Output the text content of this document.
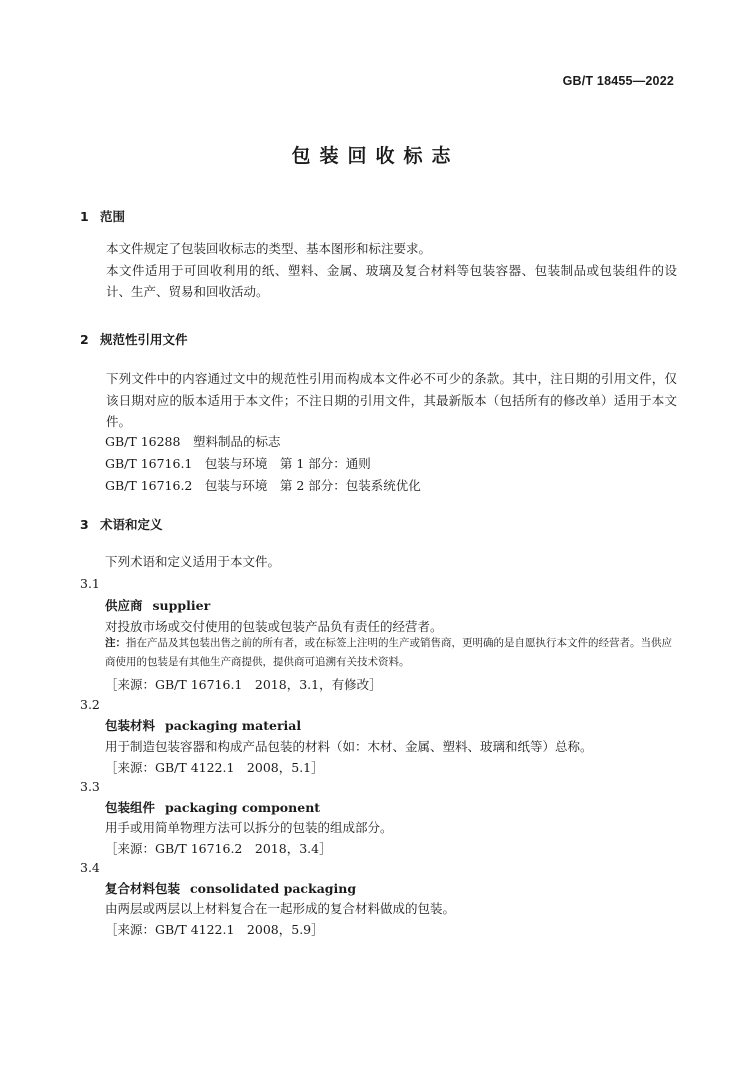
GB/T 18455—2022
包装回收标志
1 范围
本文件规定了包装回收标志的类型、基本图形和标注要求。
本文件适用于可回收利用的纸、塑料、金属、玻璃及复合材料等包装容器、包装制品或包装组件的设计、生产、贸易和回收活动。
2 规范性引用文件
下列文件中的内容通过文中的规范性引用而构成本文件必不可少的条款。其中，注日期的引用文件，仅该日期对应的版本适用于本文件；不注日期的引用文件，其最新版本（包括所有的修改单）适用于本文件。
GB/T 16288　塑料制品的标志
GB/T 16716.1　包装与环境　第 1 部分：通则
GB/T 16716.2　包装与环境　第 2 部分：包装系统优化
3 术语和定义
下列术语和定义适用于本文件。
3.1
供应商 supplier
对投放市场或交付使用的包装或包装产品负有责任的经营者。
注：指在产品及其包装出售之前的所有者，或在标签上注明的生产或销售商，更明确的是自愿执行本文件的经营者。当供应商使用的包装是有其他生产商提供，提供商可追溯有关技术资料。
［来源：GB/T 16716.1　2018，3.1，有修改］
3.2
包装材料 packaging material
用于制造包装容器和构成产品包装的材料（如：木材、金属、塑料、玻璃和纸等）总称。
［来源：GB/T 4122.1　2008，5.1］
3.3
包装组件 packaging component
用手或用简单物理方法可以拆分的包装的组成部分。
［来源：GB/T 16716.2　2018，3.4］
3.4
复合材料包装 consolidated packaging
由两层或两层以上材料复合在一起形成的复合材料做成的包装。
［来源：GB/T 4122.1　2008，5.9］
